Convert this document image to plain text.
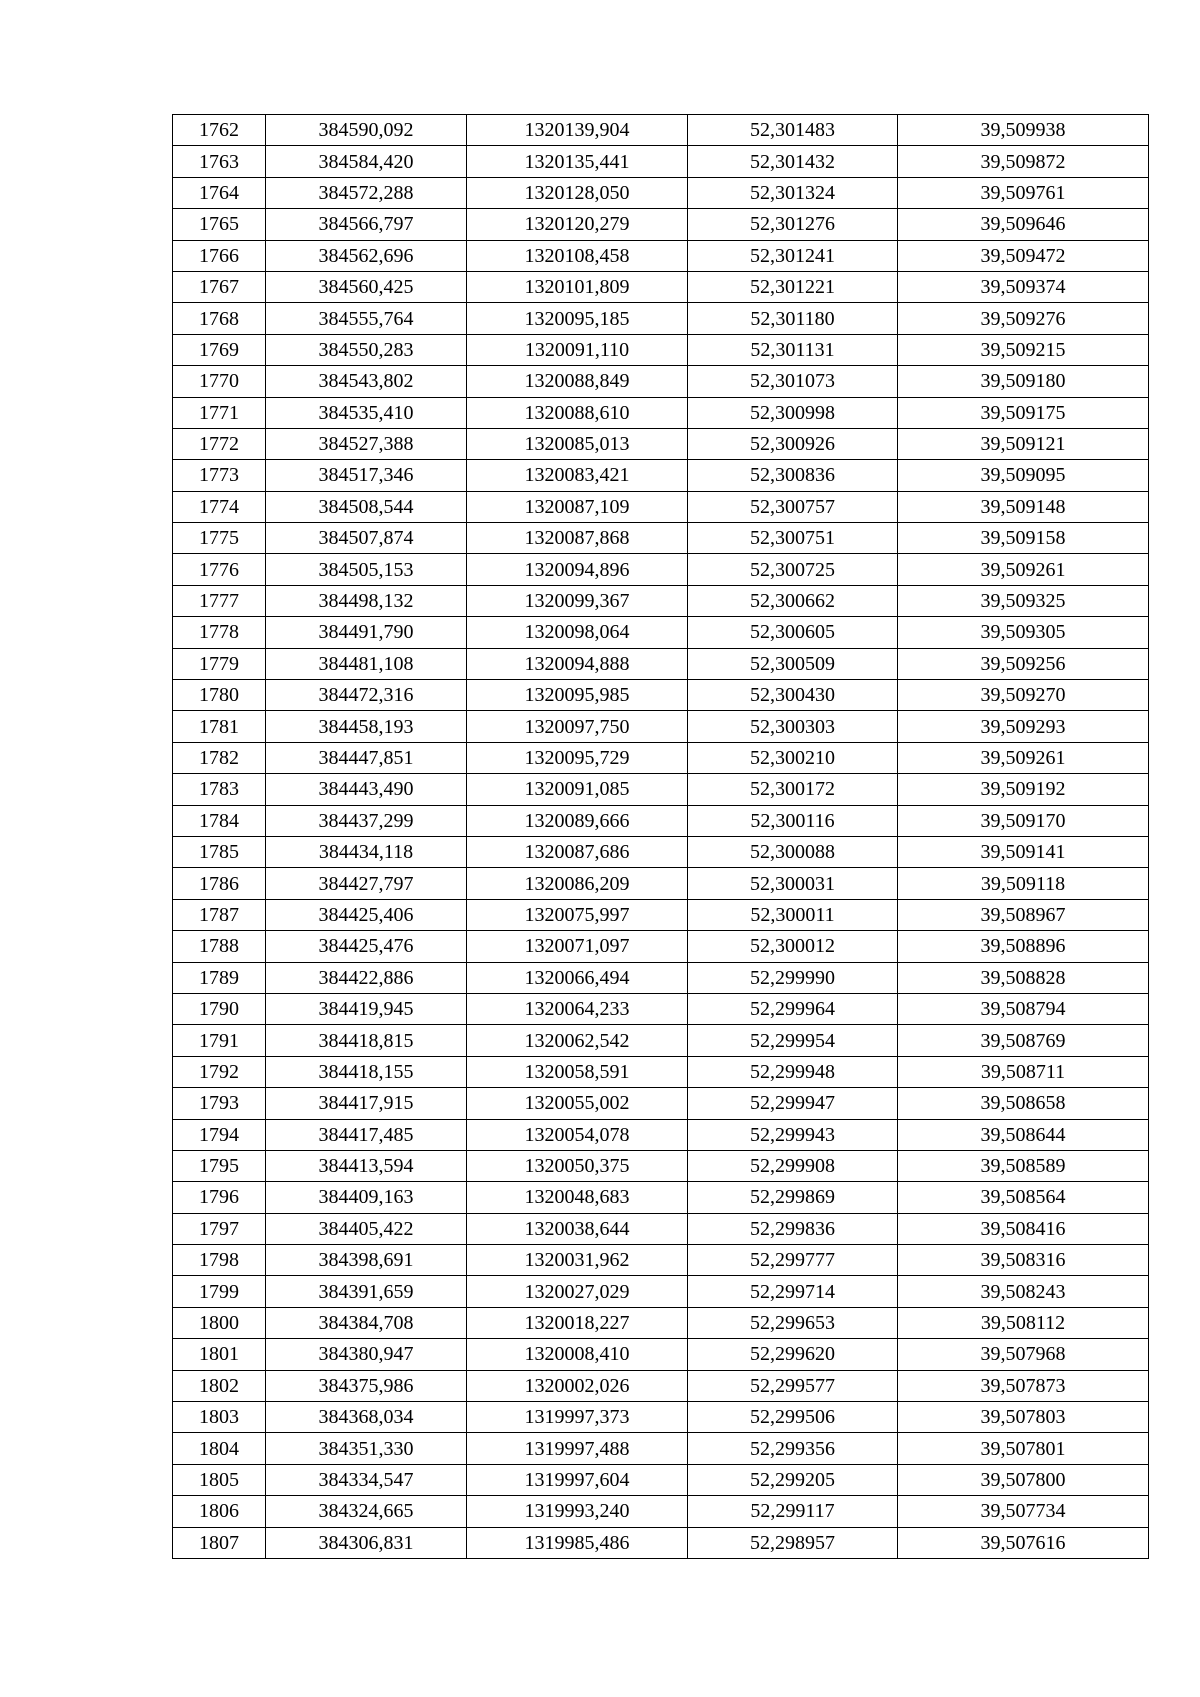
1762	384590,092	1320139,904	52,301483	39,509938
1763	384584,420	1320135,441	52,301432	39,509872
1764	384572,288	1320128,050	52,301324	39,509761
1765	384566,797	1320120,279	52,301276	39,509646
1766	384562,696	1320108,458	52,301241	39,509472
1767	384560,425	1320101,809	52,301221	39,509374
1768	384555,764	1320095,185	52,301180	39,509276
1769	384550,283	1320091,110	52,301131	39,509215
1770	384543,802	1320088,849	52,301073	39,509180
1771	384535,410	1320088,610	52,300998	39,509175
1772	384527,388	1320085,013	52,300926	39,509121
1773	384517,346	1320083,421	52,300836	39,509095
1774	384508,544	1320087,109	52,300757	39,509148
1775	384507,874	1320087,868	52,300751	39,509158
1776	384505,153	1320094,896	52,300725	39,509261
1777	384498,132	1320099,367	52,300662	39,509325
1778	384491,790	1320098,064	52,300605	39,509305
1779	384481,108	1320094,888	52,300509	39,509256
1780	384472,316	1320095,985	52,300430	39,509270
1781	384458,193	1320097,750	52,300303	39,509293
1782	384447,851	1320095,729	52,300210	39,509261
1783	384443,490	1320091,085	52,300172	39,509192
1784	384437,299	1320089,666	52,300116	39,509170
1785	384434,118	1320087,686	52,300088	39,509141
1786	384427,797	1320086,209	52,300031	39,509118
1787	384425,406	1320075,997	52,300011	39,508967
1788	384425,476	1320071,097	52,300012	39,508896
1789	384422,886	1320066,494	52,299990	39,508828
1790	384419,945	1320064,233	52,299964	39,508794
1791	384418,815	1320062,542	52,299954	39,508769
1792	384418,155	1320058,591	52,299948	39,508711
1793	384417,915	1320055,002	52,299947	39,508658
1794	384417,485	1320054,078	52,299943	39,508644
1795	384413,594	1320050,375	52,299908	39,508589
1796	384409,163	1320048,683	52,299869	39,508564
1797	384405,422	1320038,644	52,299836	39,508416
1798	384398,691	1320031,962	52,299777	39,508316
1799	384391,659	1320027,029	52,299714	39,508243
1800	384384,708	1320018,227	52,299653	39,508112
1801	384380,947	1320008,410	52,299620	39,507968
1802	384375,986	1320002,026	52,299577	39,507873
1803	384368,034	1319997,373	52,299506	39,507803
1804	384351,330	1319997,488	52,299356	39,507801
1805	384334,547	1319997,604	52,299205	39,507800
1806	384324,665	1319993,240	52,299117	39,507734
1807	384306,831	1319985,486	52,298957	39,507616
